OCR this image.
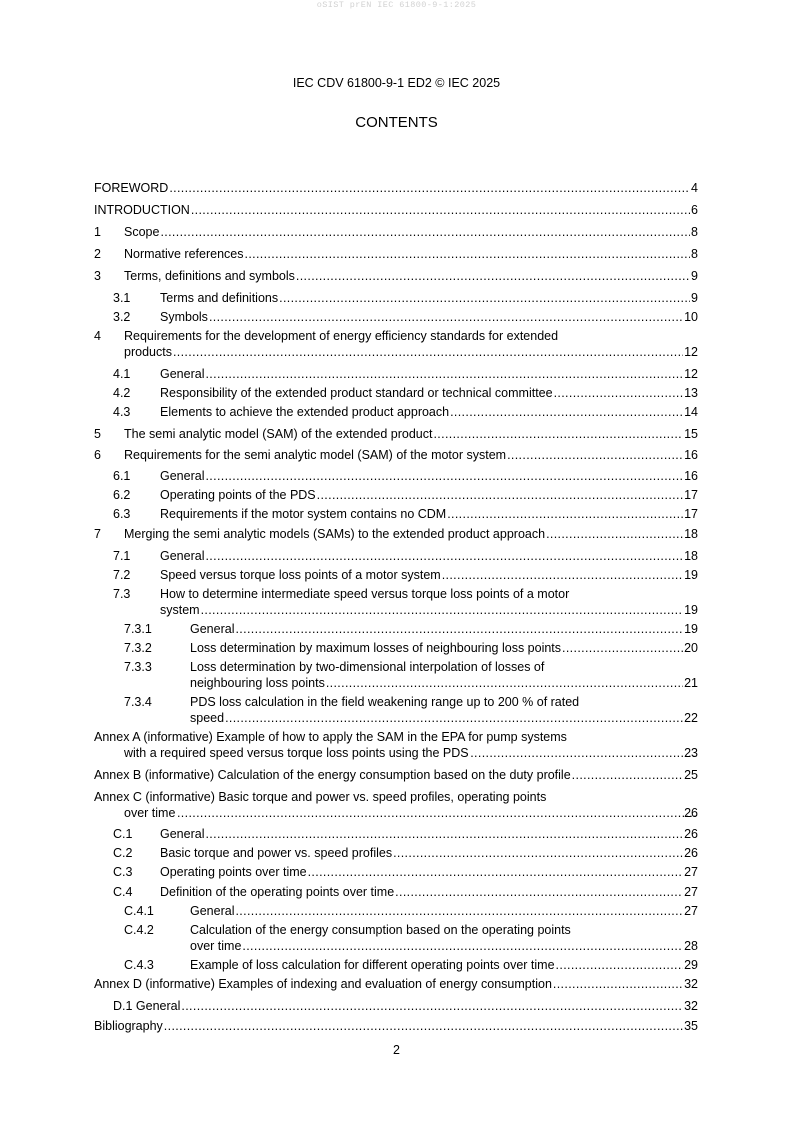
oSIST prEN IEC 61800-9-1:2025
IEC CDV 61800-9-1 ED2 © IEC 2025
CONTENTS
FOREWORD .....	4
INTRODUCTION .....	6
1 Scope .....	8
2 Normative references .....	8
3 Terms, definitions and symbols .....	9
3.1 Terms and definitions .....	9
3.2 Symbols .....	10
4 Requirements for the development of energy efficiency standards for extended
products .....	12
4.1 General .....	12
4.2 Responsibility of the extended product standard or technical committee .....	13
4.3 Elements to achieve the extended product approach .....	14
5 The semi analytic model (SAM) of the extended product .....	15
6 Requirements for the semi analytic model (SAM) of the motor system .....	16
6.1 General .....	16
6.2 Operating points of the PDS .....	17
6.3 Requirements if the motor system contains no CDM .....	17
7 Merging the semi analytic models (SAMs) to the extended product approach .....	18
7.1 General .....	18
7.2 Speed versus torque loss points of a motor system .....	19
7.3 How to determine intermediate speed versus torque loss points of a motor
system .....	19
7.3.1	General .....	19
7.3.2	Loss determination by maximum losses of neighbouring loss points .....	20
7.3.3	Loss determination by two-dimensional interpolation of losses of
neighbouring loss points .....	21
7.3.4	PDS loss calculation in the field weakening range up to 200 % of rated
speed .....	22
Annex A (informative) Example of how to apply the SAM in the EPA for pump systems
with a required speed versus torque loss points using the PDS .....	23
Annex B (informative) Calculation of the energy consumption based on the duty profile .....	25
Annex C (informative) Basic torque and power vs. speed profiles, operating points
over time .....	26
C.1 General .....	26
C.2 Basic torque and power vs. speed profiles .....	26
C.3 Operating points over time .....	27
C.4 Definition of the operating points over time .....	27
C.4.1	General .....	27
C.4.2	Calculation of the energy consumption based on the operating points
over time .....	28
C.4.3	Example of loss calculation for different operating points over time .....	29
Annex D (informative) Examples of indexing and evaluation of energy consumption .....	32
D.1 General .....	32
Bibliography .....	35
2
